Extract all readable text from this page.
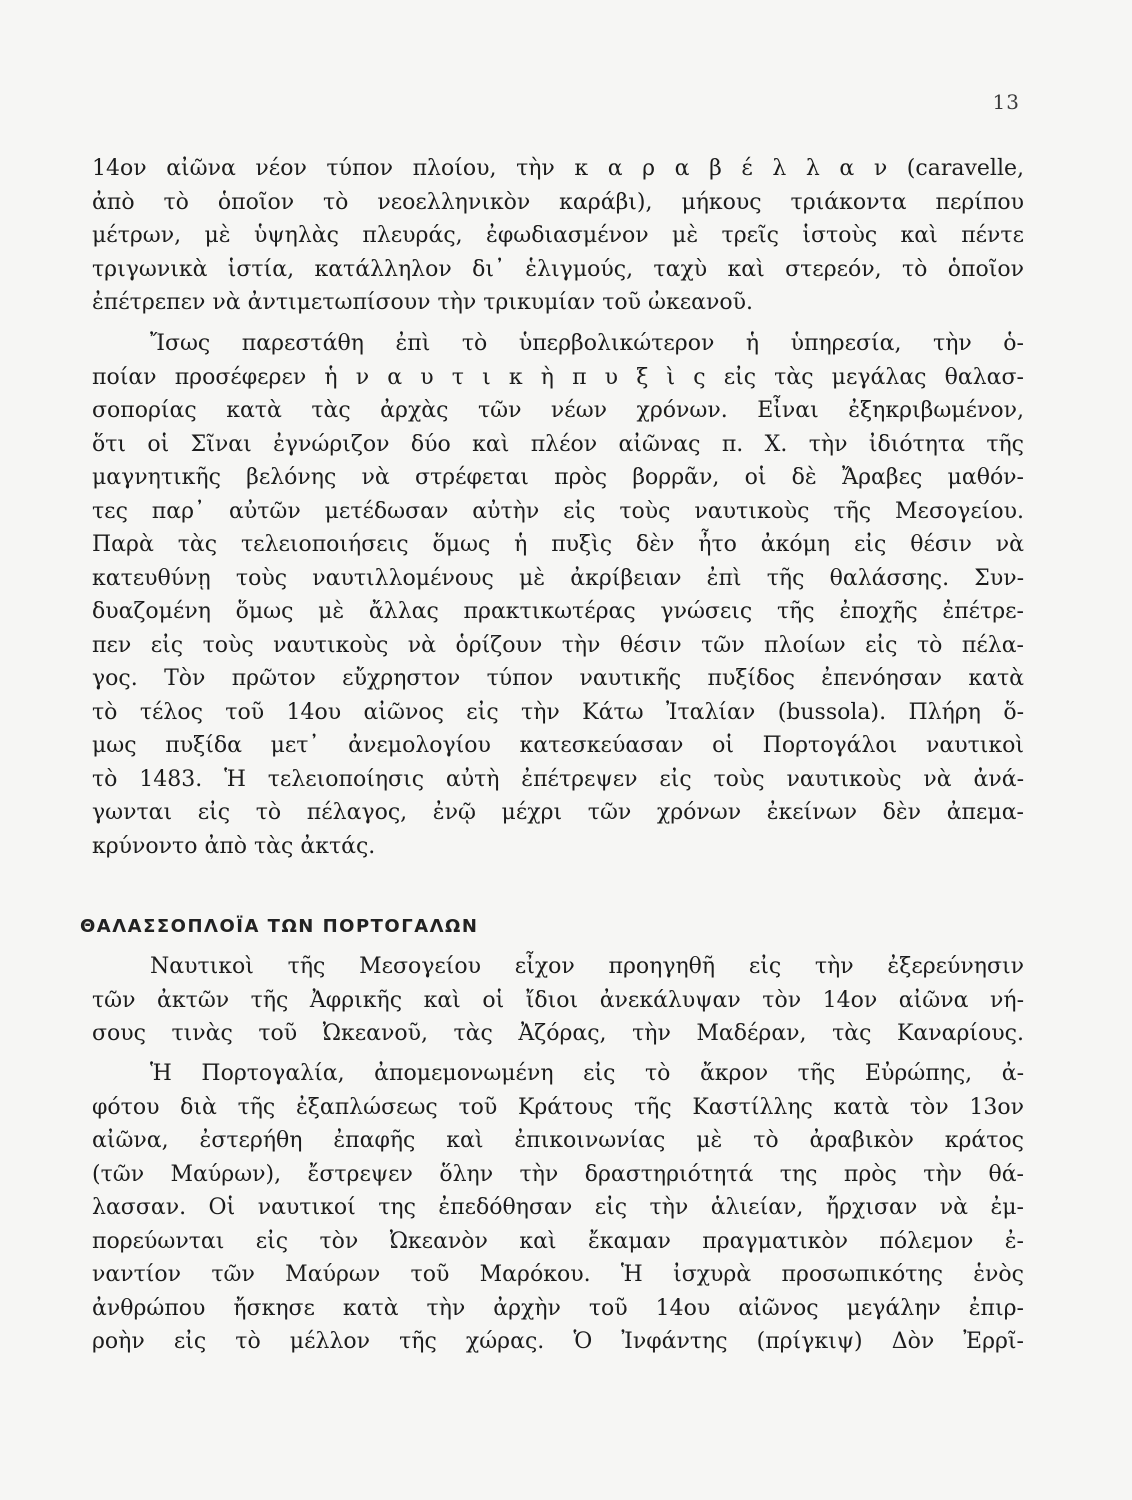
13
14ον αἰῶνα νέον τύπον πλοίου, τὴν κ α ρ α β έ λ λ α ν (caravelle,
ἀπὸ τὸ ὁποῖον τὸ νεοελληνικὸν καράβι), μήκους τριάκοντα περίπου
μέτρων, μὲ ὑψηλὰς πλευράς, ἐφωδιασμένον μὲ τρεῖς ἱστοὺς καὶ πέντε
τριγωνικὰ ἱστία, κατάλληλον δι᾽ ἑλιγμούς, ταχὺ καὶ στερεόν, τὸ ὁποῖον
ἐπέτρεπεν νὰ ἀντιμετωπίσουν τὴν τρικυμίαν τοῦ ὠκεανοῦ.
Ἴσως παρεστάθη ἐπὶ τὸ ὑπερβολικώτερον ἡ ὑπηρεσία, τὴν ὁ-
ποίαν προσέφερεν ἡ ν α υ τ ι κ ὴ π υ ξ ὶ ς εἰς τὰς μεγάλας θαλασ-
σοπορίας κατὰ τὰς ἀρχὰς τῶν νέων χρόνων. Εἶναι ἐξηκριβωμένον,
ὅτι οἱ Σῖναι ἐγνώριζον δύο καὶ πλέον αἰῶνας π. Χ. τὴν ἰδιότητα τῆς
μαγνητικῆς βελόνης νὰ στρέφεται πρὸς βορρᾶν, οἱ δὲ Ἄραβες μαθόν-
τες παρ᾽ αὐτῶν μετέδωσαν αὐτὴν εἰς τοὺς ναυτικοὺς τῆς Μεσογείου.
Παρὰ τὰς τελειοποιήσεις ὅμως ἡ πυξὶς δὲν ἦτο ἀκόμη εἰς θέσιν νὰ
κατευθύνῃ τοὺς ναυτιλλομένους μὲ ἀκρίβειαν ἐπὶ τῆς θαλάσσης. Συν-
δυαζομένη ὅμως μὲ ἄλλας πρακτικωτέρας γνώσεις τῆς ἐποχῆς ἐπέτρε-
πεν εἰς τοὺς ναυτικοὺς νὰ ὁρίζουν τὴν θέσιν τῶν πλοίων εἰς τὸ πέλα-
γος. Τὸν πρῶτον εὔχρηστον τύπον ναυτικῆς πυξίδος ἐπενόησαν κατὰ
τὸ τέλος τοῦ 14ου αἰῶνος εἰς τὴν Κάτω Ἰταλίαν (bussola). Πλήρη ὅ-
μως πυξίδα μετ᾽ ἀνεμολογίου κατεσκεύασαν οἱ Πορτογάλοι ναυτικοὶ
τὸ 1483. Ἡ τελειοποίησις αὐτὴ ἐπέτρεψεν εἰς τοὺς ναυτικοὺς νὰ ἀνά-
γωνται εἰς τὸ πέλαγος, ἐνῷ μέχρι τῶν χρόνων ἐκείνων δὲν ἀπεμα-
κρύνοντο ἀπὸ τὰς ἀκτάς.
ΘΑΛΑΣΣΟΠΛΟΪΑ ΤΩΝ ΠΟΡΤΟΓΑΛΩΝ
Ναυτικοὶ τῆς Μεσογείου εἶχον προηγηθῆ εἰς τὴν ἐξερεύνησιν
τῶν ἀκτῶν τῆς Ἀφρικῆς καὶ οἱ ἴδιοι ἀνεκάλυψαν τὸν 14ον αἰῶνα νή-
σους τινὰς τοῦ Ὠκεανοῦ, τὰς Ἀζόρας, τὴν Μαδέραν, τὰς Καναρίους.
Ἡ Πορτογαλία, ἀπομεμονωμένη εἰς τὸ ἄκρον τῆς Εὐρώπης, ἀ-
φότου διὰ τῆς ἐξαπλώσεως τοῦ Κράτους τῆς Καστίλλης κατὰ τὸν 13ον
αἰῶνα, ἐστερήθη ἐπαφῆς καὶ ἐπικοινωνίας μὲ τὸ ἀραβικὸν κράτος
(τῶν Μαύρων), ἔστρεψεν ὅλην τὴν δραστηριότητά της πρὸς τὴν θά-
λασσαν. Οἱ ναυτικοί της ἐπεδόθησαν εἰς τὴν ἁλιείαν, ἤρχισαν νὰ ἐμ-
πορεύωνται εἰς τὸν Ὠκεανὸν καὶ ἔκαμαν πραγματικὸν πόλεμον ἐ-
ναντίον τῶν Μαύρων τοῦ Μαρόκου. Ἡ ἰσχυρὰ προσωπικότης ἑνὸς
ἀνθρώπου ἤσκησε κατὰ τὴν ἀρχὴν τοῦ 14ου αἰῶνος μεγάλην ἐπιρ-
ροὴν εἰς τὸ μέλλον τῆς χώρας. Ὁ Ἰνφάντης (πρίγκιψ) Δὸν Ἐρρῖ-
